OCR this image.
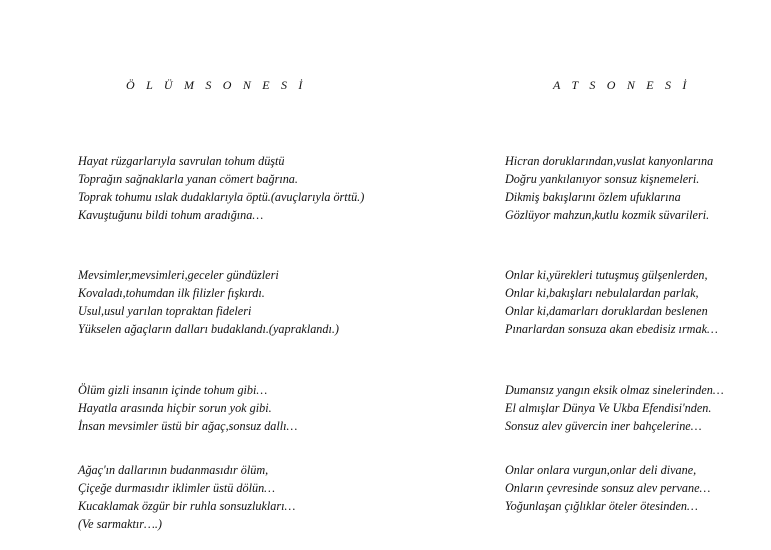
Ö L Ü M S O N E S İ
Hayat rüzgarlarıyla savrulan tohum düştü
Toprağın sağnaklarla yanan cömert bağrına.
Toprak tohumu ıslak dudaklarıyla öptü.(avuçlarıyla örttü.)
Kavuştuğunu bildi tohum aradığına…
Mevsimler,mevsimleri,geceler gündüzleri
Kovaladı,tohumdan ilk filizler fışkırdı.
Usul,usul yarılan topraktan fideleri
Yükselen ağaçların dalları budaklandı.(yapraklandı.)
Ölüm gizli insanın içinde tohum gibi…
Hayatla arasında hiçbir sorun yok gibi.
İnsan mevsimler üstü bir ağaç,sonsuz dallı…
Ağaç'ın dallarının budanmasıdır ölüm,
Çiçeğe durmasıdır iklimler üstü dölün…
Kucaklamak özgür bir ruhla sonsuzlukları…
(Ve sarmaktır….)
A T S O N E S İ
Hicran doruklarından,vuslat kanyonlarına
Doğru yankılanıyor sonsuz kişnemeleri.
Dikmiş bakışlarını özlem ufuklarına
Gözlüyor mahzun,kutlu kozmik süvarileri.
Onlar ki,yürekleri tutuşmuş gülşenlerden,
Onlar ki,bakışları nebulalardan parlak,
Onlar ki,damarları doruklardan beslenen
Pınarlardan sonsuza akan ebedisiz ırmak…
Dumansız yangın eksik olmaz sinelerinden…
El almışlar Dünya Ve Ukba Efendisi'nden.
Sonsuz alev güvercin iner bahçelerine…
Onlar onlara vurgun,onlar deli divane,
Onların çevresinde sonsuz alev pervane…
Yoğunlaşan çığlıklar öteler ötesinden…
